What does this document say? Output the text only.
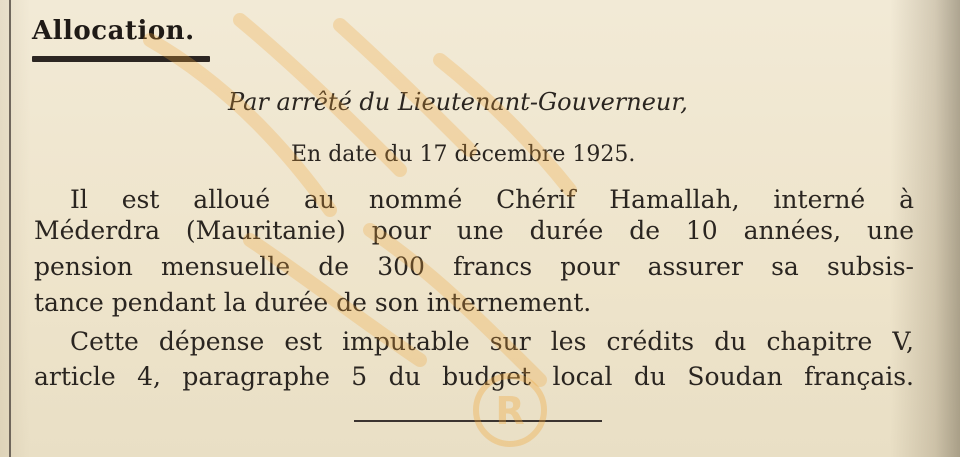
Allocation.
Par arrêté du Lieutenant-Gouverneur,
En date du 17 décembre 1925.
Il est alloué au nommé Chérif Hamallah, interné à
Méderdra (Mauritanie) pour une durée de 10 années, une
pension mensuelle de 300 francs pour assurer sa subsis-
tance pendant la durée de son internement.
Cette dépense est imputable sur les crédits du chapitre V,
article 4, paragraphe 5 du budget local du Soudan français.
R
